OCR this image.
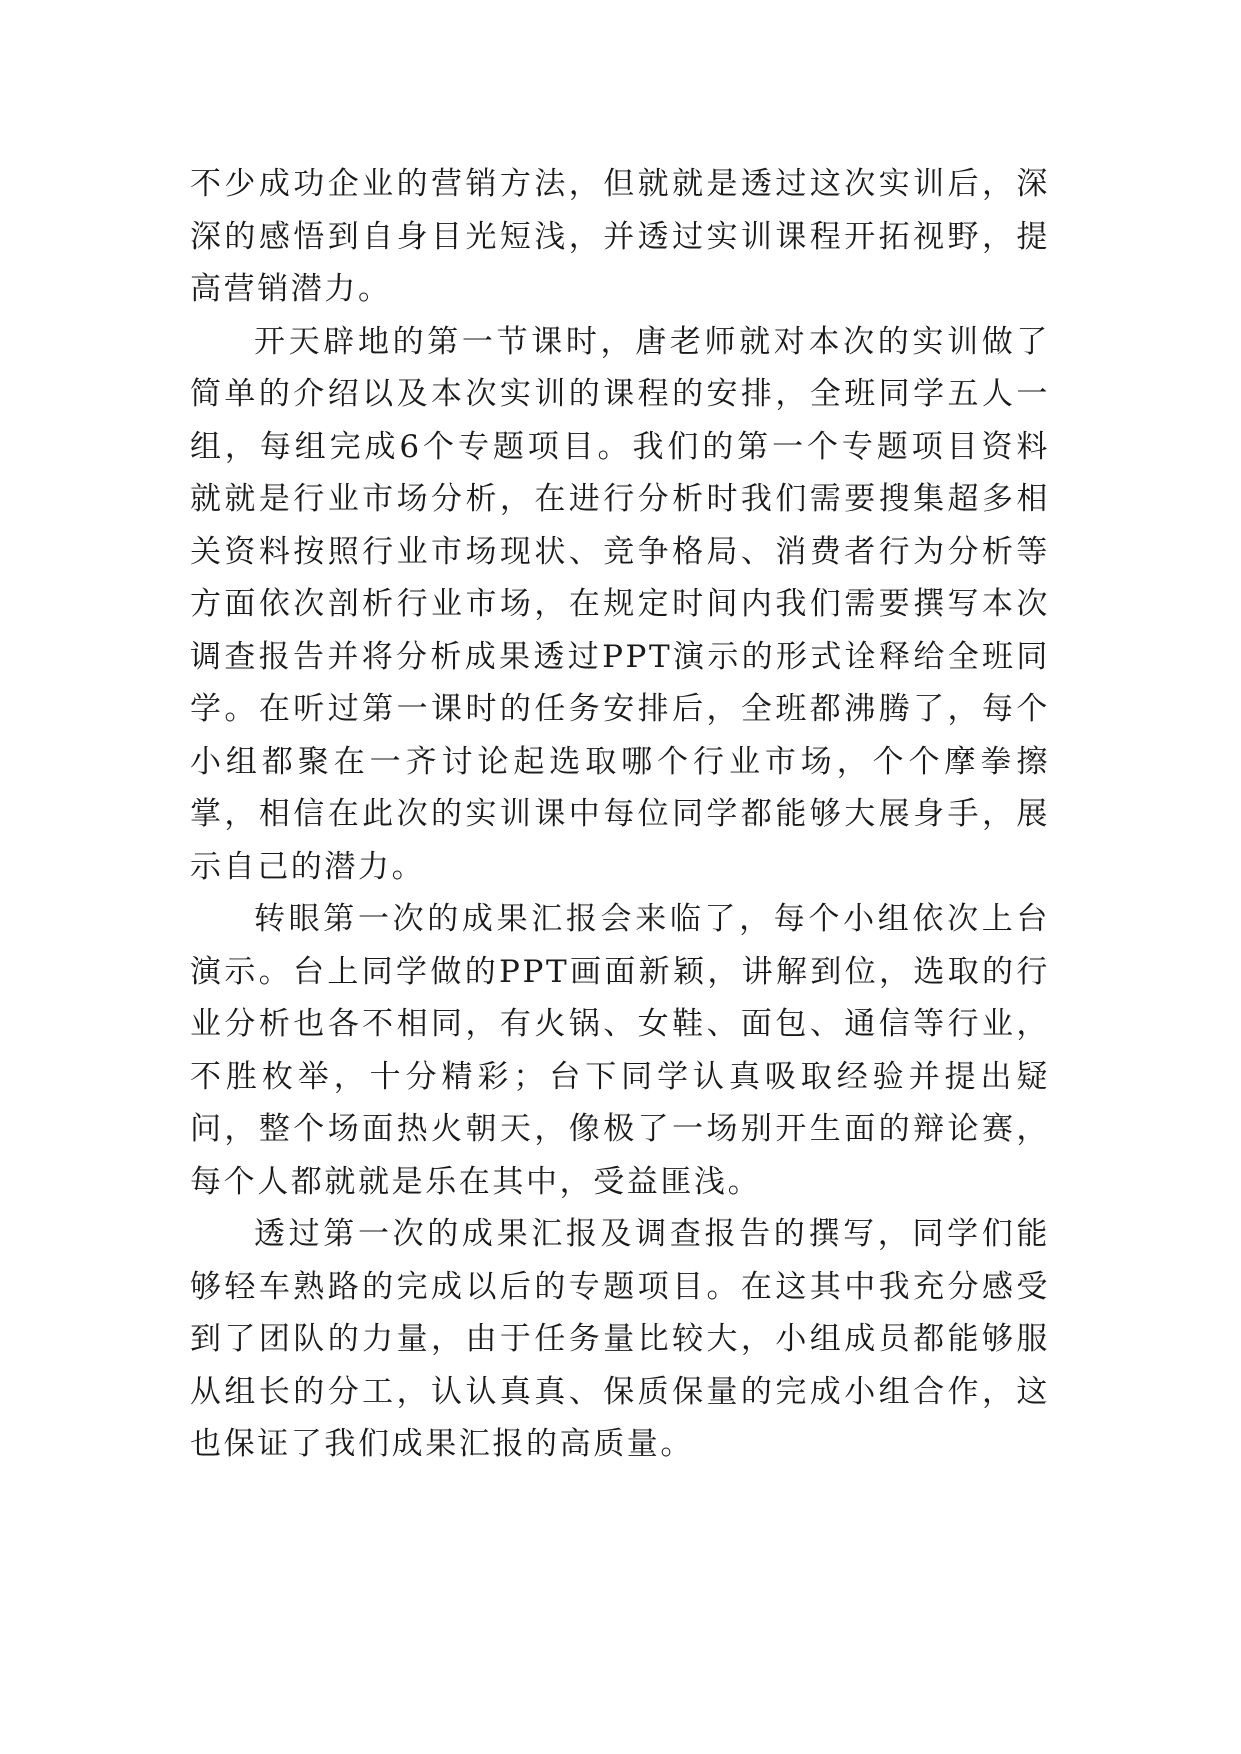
不少成功企业的营销方法，但就就是透过这次实训后，深深的感悟到自身目光短浅，并透过实训课程开拓视野，提高营销潜力。

开天辟地的第一节课时，唐老师就对本次的实训做了简单的介绍以及本次实训的课程的安排，全班同学五人一组，每组完成6个专题项目。我们的第一个专题项目资料就就是行业市场分析，在进行分析时我们需要搜集超多相关资料按照行业市场现状、竞争格局、消费者行为分析等方面依次剖析行业市场，在规定时间内我们需要撰写本次调查报告并将分析成果透过PPT演示的形式诠释给全班同学。在听过第一课时的任务安排后，全班都沸腾了，每个小组都聚在一齐讨论起选取哪个行业市场，个个摩拳擦掌，相信在此次的实训课中每位同学都能够大展身手，展示自己的潜力。

转眼第一次的成果汇报会来临了，每个小组依次上台演示。台上同学做的PPT画面新颖，讲解到位，选取的行业分析也各不相同，有火锅、女鞋、面包、通信等行业，不胜枚举，十分精彩；台下同学认真吸取经验并提出疑问，整个场面热火朝天，像极了一场别开生面的辩论赛，每个人都就就是乐在其中，受益匪浅。

透过第一次的成果汇报及调查报告的撰写，同学们能够轻车熟路的完成以后的专题项目。在这其中我充分感受到了团队的力量，由于任务量比较大，小组成员都能够服从组长的分工，认认真真、保质保量的完成小组合作，这也保证了我们成果汇报的高质量。
